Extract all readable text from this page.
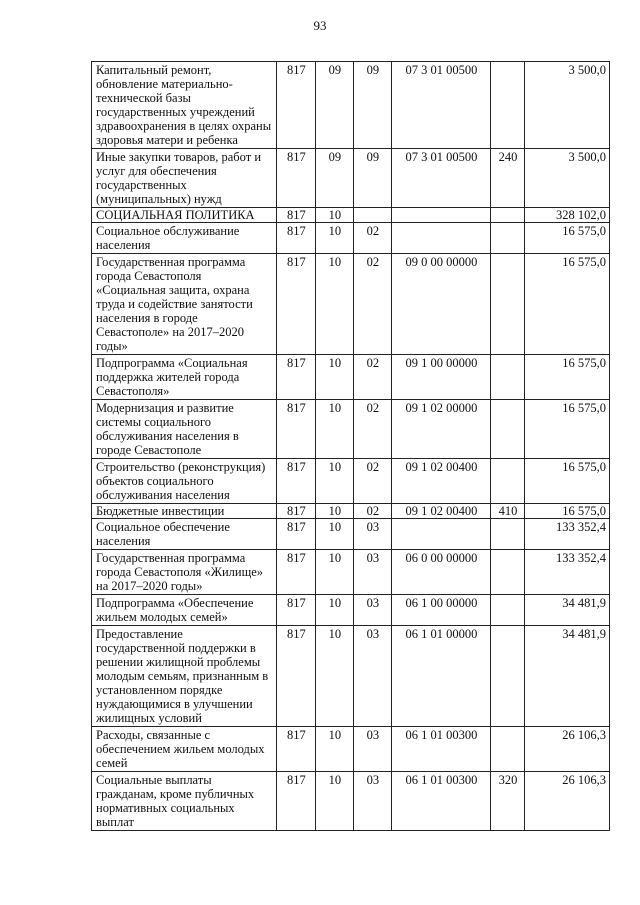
93
Капитальный ремонт, обновление материально-технической базы государственных учреждений здравоохранения в целях охраны здоровья матери и ребенка	817	09	09	07 3 01 00500		3 500,0
Иные закупки товаров, работ и услуг для обеспечения государственных (муниципальных) нужд	817	09	09	07 3 01 00500	240	3 500,0
СОЦИАЛЬНАЯ ПОЛИТИКА	817	10				328 102,0
Социальное обслуживание населения	817	10	02			16 575,0
Государственная программа города Севастополя «Социальная защита, охрана труда и содействие занятости населения в городе Севастополе» на 2017–2020 годы»	817	10	02	09 0 00 00000		16 575,0
Подпрограмма «Социальная поддержка жителей города Севастополя»	817	10	02	09 1 00 00000		16 575,0
Модернизация и развитие системы социального обслуживания населения в городе Севастополе	817	10	02	09 1 02 00000		16 575,0
Строительство (реконструкция) объектов социального обслуживания населения	817	10	02	09 1 02 00400		16 575,0
Бюджетные инвестиции	817	10	02	09 1 02 00400	410	16 575,0
Социальное обеспечение населения	817	10	03			133 352,4
Государственная программа города Севастополя «Жилище» на 2017–2020 годы»	817	10	03	06 0 00 00000		133 352,4
Подпрограмма «Обеспечение жильем молодых семей»	817	10	03	06 1 00 00000		34 481,9
Предоставление государственной поддержки в решении жилищной проблемы молодым семьям, признанным в установленном порядке нуждающимися в улучшении жилищных условий	817	10	03	06 1 01 00000		34 481,9
Расходы, связанные с обеспечением жильем молодых семей	817	10	03	06 1 01 00300		26 106,3
Социальные выплаты гражданам, кроме публичных нормативных социальных выплат	817	10	03	06 1 01 00300	320	26 106,3
